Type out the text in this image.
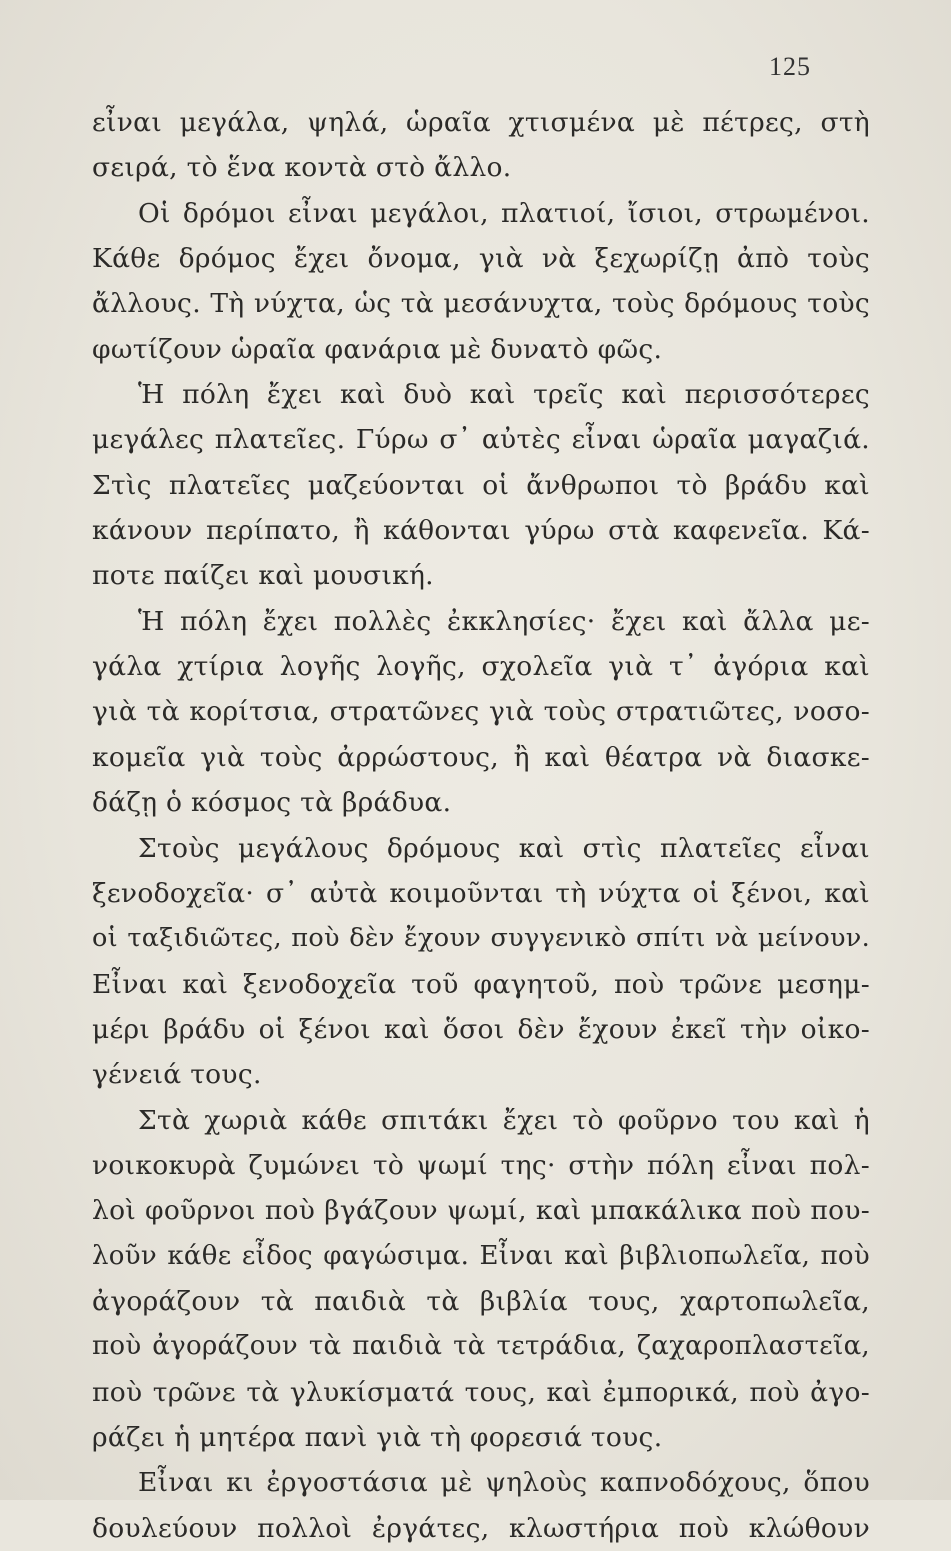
125
εἶναι μεγάλα, ψηλά, ὡραῖα χτισμένα μὲ πέτρες, στὴ
σειρά, τὸ ἕνα κοντὰ στὸ ἄλλο.
Οἱ δρόμοι εἶναι μεγάλοι, πλατιοί, ἴσιοι, στρωμένοι.
Κάθε δρόμος ἔχει ὄνομα, γιὰ νὰ ξεχωρίζῃ ἀπὸ τοὺς
ἄλλους. Τὴ νύχτα, ὡς τὰ μεσάνυχτα, τοὺς δρόμους τοὺς
φωτίζουν ὡραῖα φανάρια μὲ δυνατὸ φῶς.
Ἡ πόλη ἔχει καὶ δυὸ καὶ τρεῖς καὶ περισσότερες
μεγάλες πλατεῖες. Γύρω σ᾽ αὐτὲς εἶναι ὡραῖα μαγαζιά.
Στὶς πλατεῖες μαζεύονται οἱ ἄνθρωποι τὸ βράδυ καὶ
κάνουν περίπατο, ἢ κάθονται γύρω στὰ καφενεῖα. Κά-
ποτε παίζει καὶ μουσική.
Ἡ πόλη ἔχει πολλὲς ἐκκλησίες· ἔχει καὶ ἄλλα με-
γάλα χτίρια λογῆς λογῆς, σχολεῖα γιὰ τ᾽ ἀγόρια καὶ
γιὰ τὰ κορίτσια, στρατῶνες γιὰ τοὺς στρατιῶτες, νοσο-
κομεῖα γιὰ τοὺς ἀρρώστους, ἢ καὶ θέατρα νὰ διασκε-
δάζῃ ὁ κόσμος τὰ βράδυα.
Στοὺς μεγάλους δρόμους καὶ στὶς πλατεῖες εἶναι
ξενοδοχεῖα· σ᾽ αὐτὰ κοιμοῦνται τὴ νύχτα οἱ ξένοι, καὶ
οἱ ταξιδιῶτες, ποὺ δὲν ἔχουν συγγενικὸ σπίτι νὰ μείνουν.
Εἶναι καὶ ξενοδοχεῖα τοῦ φαγητοῦ, ποὺ τρῶνε μεσημ-
μέρι βράδυ οἱ ξένοι καὶ ὅσοι δὲν ἔχουν ἐκεῖ τὴν οἰκο-
γένειά τους.
Στὰ χωριὰ κάθε σπιτάκι ἔχει τὸ φοῦρνο του καὶ ἡ
νοικοκυρὰ ζυμώνει τὸ ψωμί της· στὴν πόλη εἶναι πολ-
λοὶ φοῦρνοι ποὺ βγάζουν ψωμί, καὶ μπακάλικα ποὺ που-
λοῦν κάθε εἶδος φαγώσιμα. Εἶναι καὶ βιβλιοπωλεῖα, ποὺ
ἀγοράζουν τὰ παιδιὰ τὰ βιβλία τους, χαρτοπωλεῖα,
ποὺ ἀγοράζουν τὰ παιδιὰ τὰ τετράδια, ζαχαροπλαστεῖα,
ποὺ τρῶνε τὰ γλυκίσματά τους, καὶ ἐμπορικά, ποὺ ἀγο-
ράζει ἡ μητέρα πανὶ γιὰ τὴ φορεσιά τους.
Εἶναι κι ἐργοστάσια μὲ ψηλοὺς καπνοδόχους, ὅπου
δουλεύουν πολλοὶ ἐργάτες, κλωστήρια ποὺ κλώθουν
